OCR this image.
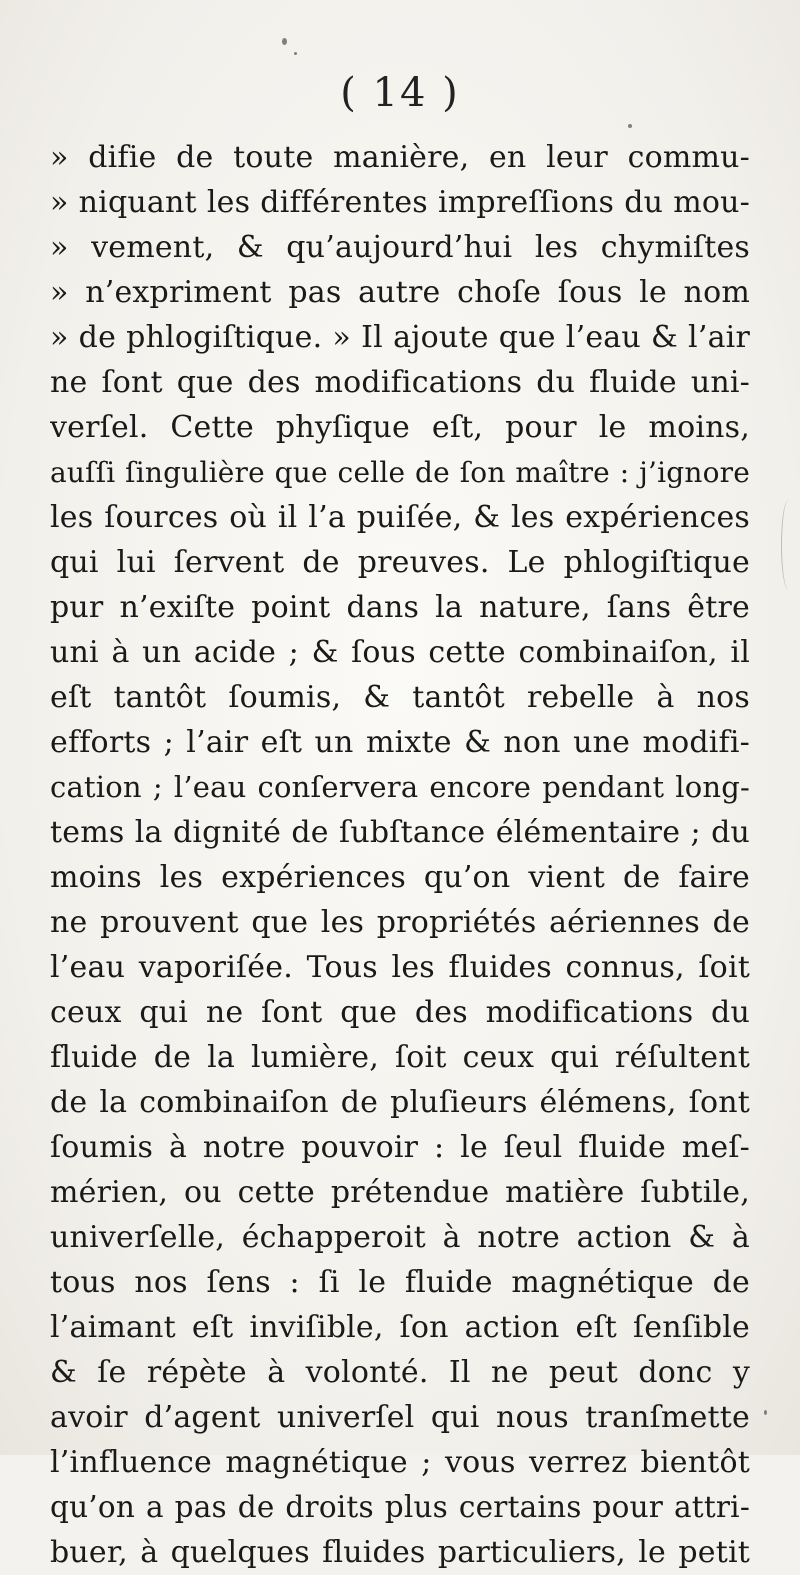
( 14 )
» difie de toute manière, en leur commu-
» niquant les différentes impreſſions du mou-
» vement, & qu’aujourd’hui les chymiſtes
» n’expriment pas autre choſe ſous le nom
» de phlogiſtique. » Il ajoute que l’eau & l’air
ne ſont que des modifications du fluide uni-
verſel. Cette phyſique eſt, pour le moins,
auſſi ſingulière que celle de ſon maître : j’ignore
les ſources où il l’a puiſée, & les expériences
qui lui ſervent de preuves. Le phlogiſtique
pur n’exiſte point dans la nature, ſans être
uni à un acide ; & ſous cette combinaiſon, il
eſt tantôt ſoumis, & tantôt rebelle à nos
efforts ; l’air eſt un mixte & non une modifi-
cation ; l’eau conſervera encore pendant long-
tems la dignité de ſubſtance élémentaire ; du
moins les expériences qu’on vient de faire
ne prouvent que les propriétés aériennes de
l’eau vaporiſée. Tous les fluides connus, ſoit
ceux qui ne ſont que des modifications du
fluide de la lumière, ſoit ceux qui réſultent
de la combinaiſon de pluſieurs élémens, ſont
ſoumis à notre pouvoir : le ſeul fluide meſ-
mérien, ou cette prétendue matière ſubtile,
univerſelle, échapperoit à notre action & à
tous nos ſens : ſi le fluide magnétique de
l’aimant eſt inviſible, ſon action eſt ſenſible
& ſe répète à volonté. Il ne peut donc y
avoir d’agent univerſel qui nous tranſmette
l’influence magnétique ; vous verrez bientôt
qu’on a pas de droits plus certains pour attri-
buer, à quelques fluides particuliers, le petit
